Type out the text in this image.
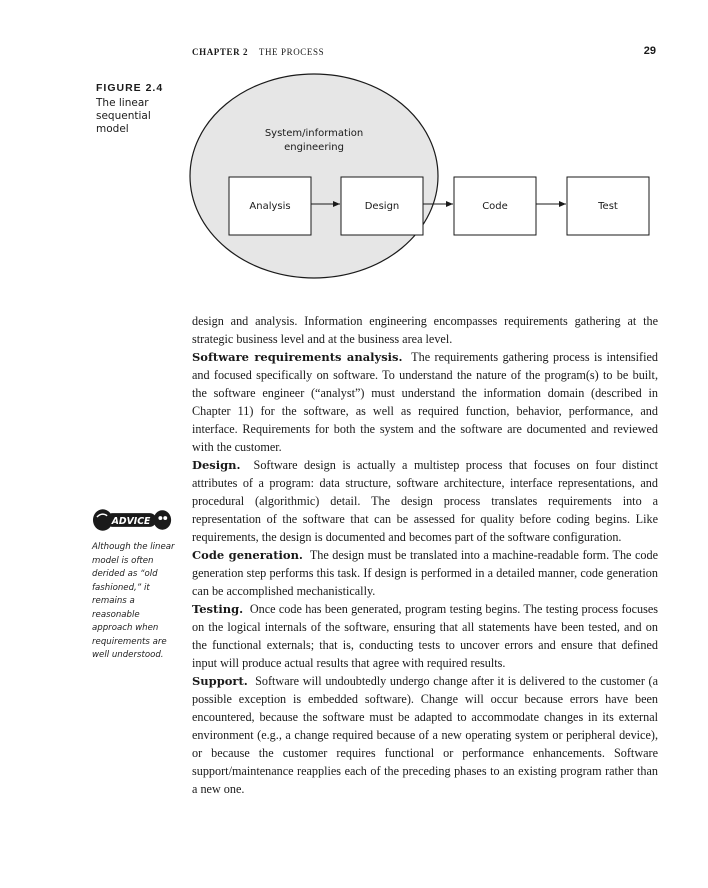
CHAPTER 2 THE PROCESS	29
FIGURE 2.4
The linear sequential model	System/information
engineering
Analysis	Design	Code	Test
ADVICE
Although the linear model is often derided as “old fashioned,” it remains a reasonable approach when requirements are well understood.

design and analysis. Information engineering encompasses requirements gathering at the strategic business level and at the business area level.

Software requirements analysis. The requirements gathering process is intensified and focused specifically on software. To understand the nature of the program(s) to be built, the software engineer (“analyst”) must understand the information domain (described in Chapter 11) for the software, as well as required function, behavior, performance, and interface. Requirements for both the system and the software are documented and reviewed with the customer.

Design. Software design is actually a multistep process that focuses on four distinct attributes of a program: data structure, software architecture, interface representations, and procedural (algorithmic) detail. The design process translates requirements into a representation of the software that can be assessed for quality before coding begins. Like requirements, the design is documented and becomes part of the software configuration.

Code generation. The design must be translated into a machine-readable form. The code generation step performs this task. If design is performed in a detailed manner, code generation can be accomplished mechanistically.

Testing. Once code has been generated, program testing begins. The testing process focuses on the logical internals of the software, ensuring that all statements have been tested, and on the functional externals; that is, conducting tests to uncover errors and ensure that defined input will produce actual results that agree with required results.

Support. Software will undoubtedly undergo change after it is delivered to the customer (a possible exception is embedded software). Change will occur because errors have been encountered, because the software must be adapted to accommodate changes in its external environment (e.g., a change required because of a new operating system or peripheral device), or because the customer requires functional or performance enhancements. Software support/maintenance reapplies each of the preceding phases to an existing program rather than a new one.
